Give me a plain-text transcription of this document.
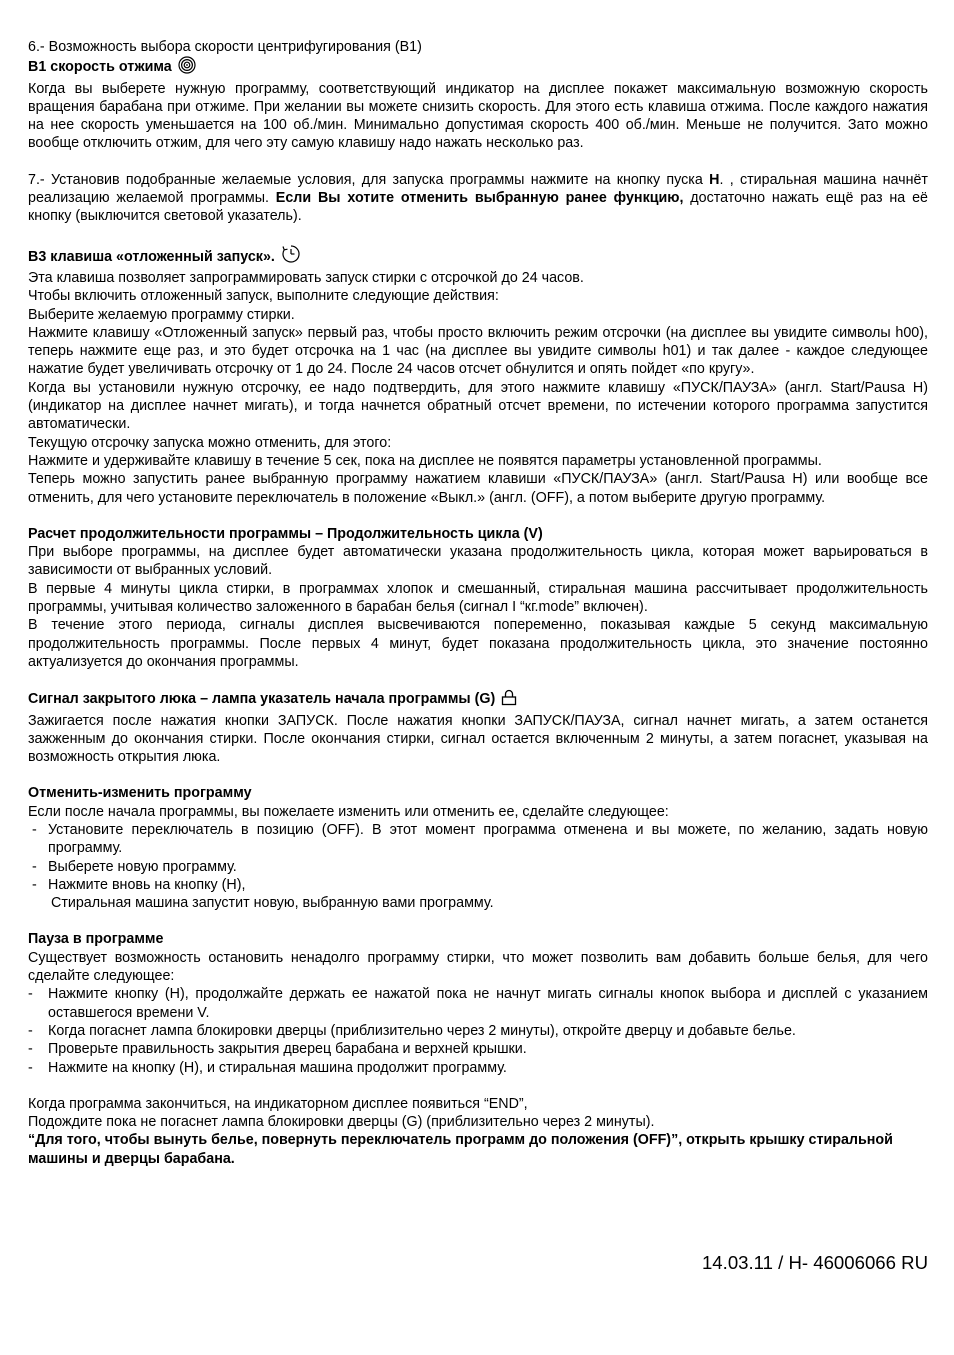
6.- Возможность выбора скорости центрифугирования (B1)

B1 скорость отжима

Когда вы выберете нужную программу, соответствующий индикатор на дисплее покажет максимальную возможную скорость вращения барабана при отжиме. При желании вы можете снизить скорость. Для этого есть клавиша отжима. После каждого нажатия на нее скорость уменьшается на 100 об./мин. Минимально допустимая скорость 400 об./мин. Меньше не получится. Зато можно вообще отключить отжим, для чего эту самую клавишу надо нажать несколько раз.

7.- Установив подобранные желаемые условия, для запуска программы нажмите на кнопку пуска H. , стиральная машина начнёт реализацию желаемой программы. Если Вы хотите отменить выбранную ранее функцию, достаточно нажать ещё раз на её кнопку (выключится световой указатель).

B3 клавиша «отложенный запуск».

Эта клавиша позволяет запрограммировать запуск стирки с отсрочкой до 24 часов.

Чтобы включить отложенный запуск, выполните следующие действия:

Выберите желаемую программу стирки.

Нажмите клавишу «Отложенный запуск» первый раз, чтобы просто включить режим отсрочки (на дисплее вы увидите символы h00), теперь нажмите еще раз, и это будет отсрочка на 1 час (на дисплее вы увидите символы h01) и так далее - каждое следующее нажатие будет увеличивать отсрочку от 1 до 24. После 24 часов отсчет обнулится и опять пойдет «по кругу».

Когда вы установили нужную отсрочку, ее надо подтвердить, для этого нажмите клавишу «ПУСК/ПАУЗА» (англ. Start/Pausa H) (индикатор на дисплее начнет мигать), и тогда начнется обратный отсчет времени, по истечении которого программа запустится автоматически.

Текущую отсрочку запуска можно отменить, для этого:

Нажмите и удерживайте клавишу в течение 5 сек, пока на дисплее не появятся параметры установленной программы.

Теперь можно запустить ранее выбранную программу нажатием клавиши «ПУСК/ПАУЗА» (англ. Start/Pausa H) или вообще все отменить, для чего установите переключатель в положение «Выкл.» (англ. (OFF), а потом выберите другую программу.

Расчет продолжительности программы – Продолжительность цикла (V)

При выборе программы, на дисплее будет автоматически указана продолжительность цикла, которая может варьироваться в зависимости от выбранных условий.

В первые 4 минуты цикла стирки, в программах хлопок и смешанный, стиральная машина рассчитывает продолжительность программы, учитывая количество заложенного в барабан белья (сигнал I “кг.mode” включен).

В течение этого периода, сигналы дисплея высвечиваются попеременно, показывая каждые 5 секунд максимальную продолжительность программы. После первых 4 минут, будет показана продолжительность цикла, это значение постоянно актуализуется до окончания программы.

Сигнал закрытого люка – лампа указатель начала программы (G)

Зажигается после нажатия кнопки ЗАПУСК. После нажатия кнопки ЗАПУСК/ПАУЗА, сигнал начнет мигать, а затем останется зажженным до окончания стирки. После окончания стирки, сигнал остается включенным 2 минуты, а затем погаснет, указывая на возможность открытия люка.

Отменить-изменить программу

Если после начала программы, вы пожелаете изменить или отменить ее, сделайте следующее:

- Установите переключатель в позицию (OFF). В этот момент программа отменена и вы можете, по желанию, задать новую программу.
- Выберете новую программу.
- Нажмите вновь на кнопку (H),

Стиральная машина запустит новую, выбранную вами программу.

Пауза в программе

Существует возможность остановить ненадолго программу стирки, что может позволить вам добавить больше белья, для чего сделайте следующее:

-	Нажмите кнопку (H), продолжайте держать ее нажатой пока не начнут мигать сигналы кнопок выбора и дисплей с указанием оставшегося времени V.
-	Когда погаснет лампа блокировки дверцы (приблизительно через 2 минуты), откройте дверцу и добавьте белье.
-	Проверьте правильность закрытия дверец барабана и верхней крышки.
-	Нажмите на кнопку (H), и стиральная машина продолжит программу.

Когда программа закончиться, на индикаторном дисплее появиться “END”,

Подождите пока не погаснет лампа блокировки дверцы (G) (приблизительно через 2 минуты).

“Для того, чтобы вынуть белье, повернуть переключатель программ до положения (OFF)”, открыть крышку стиральной машины и дверцы барабана.

14.03.11 / H- 46006066 RU
